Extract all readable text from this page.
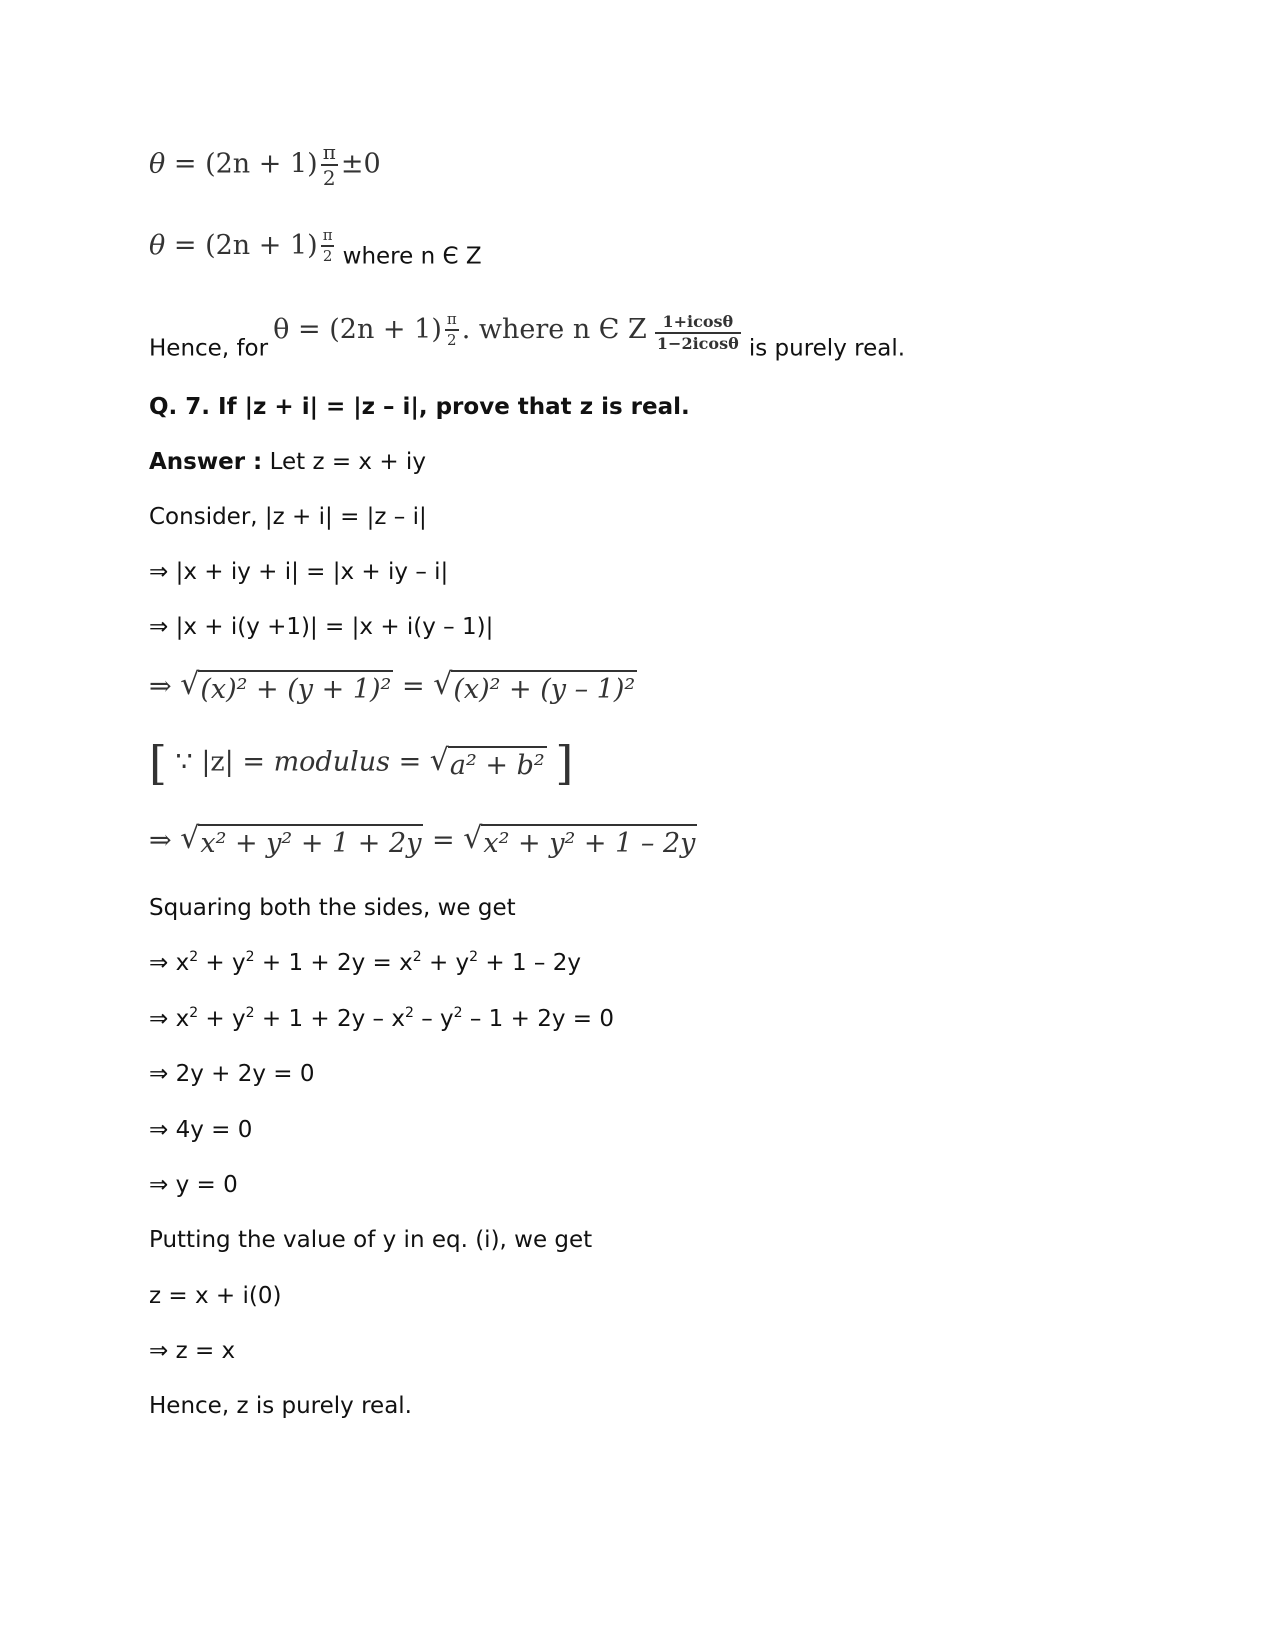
$\theta = (2n + 1) \frac{\pi}{2} \pm 0$
$\theta = (2n + 1) \frac{\pi}{2}$ where n Є Z
Hence, for $\theta = (2n + 1) \frac{\pi}{2}$ . where n Є Z $\frac{1+icos\theta}{1-2icos\theta}$ is purely real.
Q. 7. If |z + i| = |z – i|, prove that z is real.
Answer : Let z = x + iy
Consider, |z + i| = |z – i|
⇒ |x + iy + i| = |x + iy – i|
⇒ |x + i(y +1)| = |x + i(y – 1)|
⇒ √ (x)² + (y + 1)² = √ (x)² + (y – 1)²
[ ∵ |z| = modulus = √ a² + b² ]
⇒ √ x² + y² + 1 + 2y = √ x² + y² + 1 – 2y
Squaring both the sides, we get
⇒ $x^2 + y^2 + 1 + 2y = x^2 + y^2 + 1 - 2y$
⇒ $x^2 + y^2 + 1 + 2y - x^2 - y^2 - 1 + 2y = 0$
⇒ 2y + 2y = 0
⇒ 4y = 0
⇒ y = 0
Putting the value of y in eq. (i), we get
z = x + i(0)
⇒ z = x
Hence, z is purely real.
